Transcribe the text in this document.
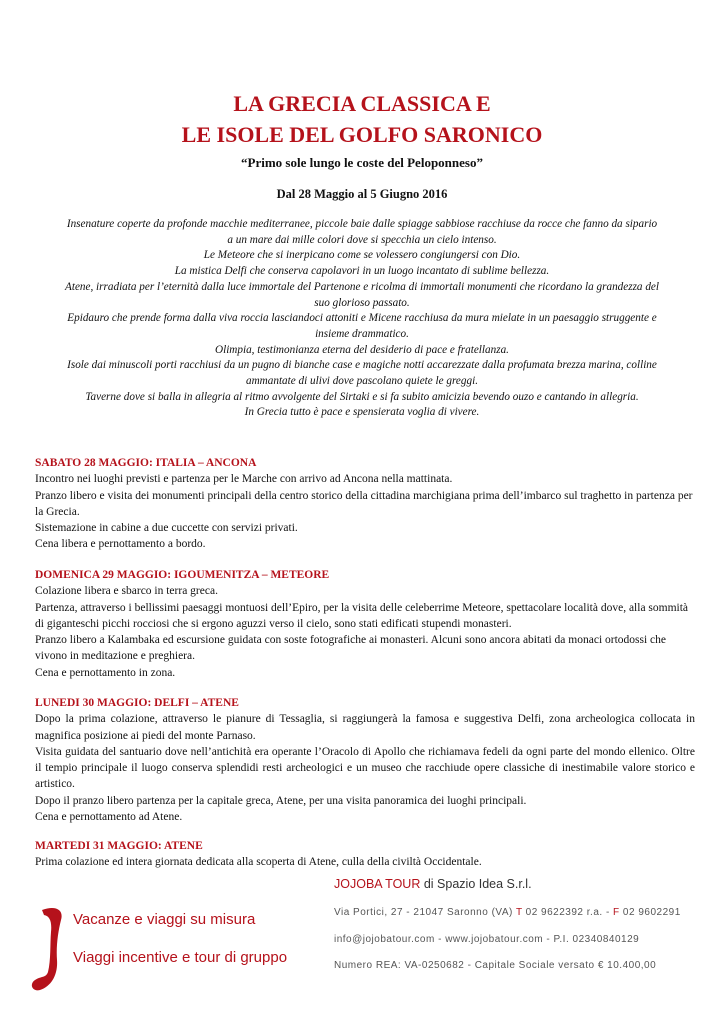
LA GRECIA CLASSICA E
LE ISOLE DEL GOLFO SARONICO
“Primo sole lungo le coste del Peloponneso”
Dal 28 Maggio al 5 Giugno 2016
Insenature coperte da profonde macchie mediterranee, piccole baie dalle spiagge sabbiose racchiuse da rocce che fanno da sipario
a un mare dai mille colori dove si specchia un cielo intenso.
Le Meteore che si inerpicano come se volessero congiungersi con Dio.
La mistica Delfi che conserva capolavori in un luogo incantato di sublime bellezza.
Atene, irradiata per l’eternità dalla luce immortale del Partenone e ricolma di immortali monumenti che ricordano la grandezza del
suo glorioso passato.
Epidauro che prende forma dalla viva roccia lasciandoci attoniti e Micene racchiusa da mura mielate in un paesaggio struggente e
insieme drammatico.
Olimpia, testimonianza eterna del desiderio di pace e fratellanza.
Isole dai minuscoli porti racchiusi da un pugno di bianche case e magiche notti accarezzate dalla profumata brezza marina, colline
ammantate di ulivi dove pascolano quiete le greggi.
Taverne dove si balla in allegria al ritmo avvolgente del Sirtaki e si fa subito amicizia bevendo ouzo e cantando in allegria.
In Grecia tutto è pace e spensierata voglia di vivere.

SABATO 28 MAGGIO: ITALIA – ANCONA

Incontro nei luoghi previsti e partenza per le Marche con arrivo ad Ancona nella mattinata.

Pranzo libero e visita dei monumenti principali della centro storico della cittadina marchigiana prima dell’imbarco sul traghetto in partenza per la Grecia.

Sistemazione in cabine a due cuccette con servizi privati.

Cena libera e pernottamento a bordo.

DOMENICA 29 MAGGIO: IGOUMENITZA – METEORE

Colazione libera e sbarco in terra greca.

Partenza, attraverso i bellissimi paesaggi montuosi dell’Epiro, per la visita delle celeberrime Meteore, spettacolare località dove, alla sommità di giganteschi picchi rocciosi che si ergono aguzzi verso il cielo, sono stati edificati stupendi monasteri.

Pranzo libero a Kalambaka ed escursione guidata con soste fotografiche ai monasteri. Alcuni sono ancora abitati da monaci ortodossi che vivono in meditazione e preghiera.

Cena e pernottamento in zona.

LUNEDI 30 MAGGIO: DELFI – ATENE

Dopo la prima colazione, attraverso le pianure di Tessaglia, si raggiungerà la famosa e suggestiva Delfi, zona archeologica collocata in magnifica posizione ai piedi del monte Parnaso.

Visita guidata del santuario dove nell’antichità era operante l’Oracolo di Apollo che richiamava fedeli da ogni parte del mondo ellenico. Oltre il tempio principale il luogo conserva splendidi resti archeologici e un museo che racchiude opere classiche di inestimabile valore storico e artistico.

Dopo il pranzo libero partenza per la capitale greca, Atene, per una visita panoramica dei luoghi principali.

Cena e pernottamento ad Atene.

MARTEDI 31 MAGGIO: ATENE

Prima colazione ed intera giornata dedicata alla scoperta di Atene, culla della civiltà Occidentale.

JOJOBA TOUR di Spazio Idea S.r.l.
Via Portici, 27 - 21047 Saronno (VA) T 02 9622392 r.a. - F 02 9602291
info@jojobatour.com - www.jojobatour.com - P.I. 02340840129
Numero REA: VA-0250682 - Capitale Sociale versato € 10.400,00
Vacanze e viaggi su misura
Viaggi incentive e tour di gruppo
